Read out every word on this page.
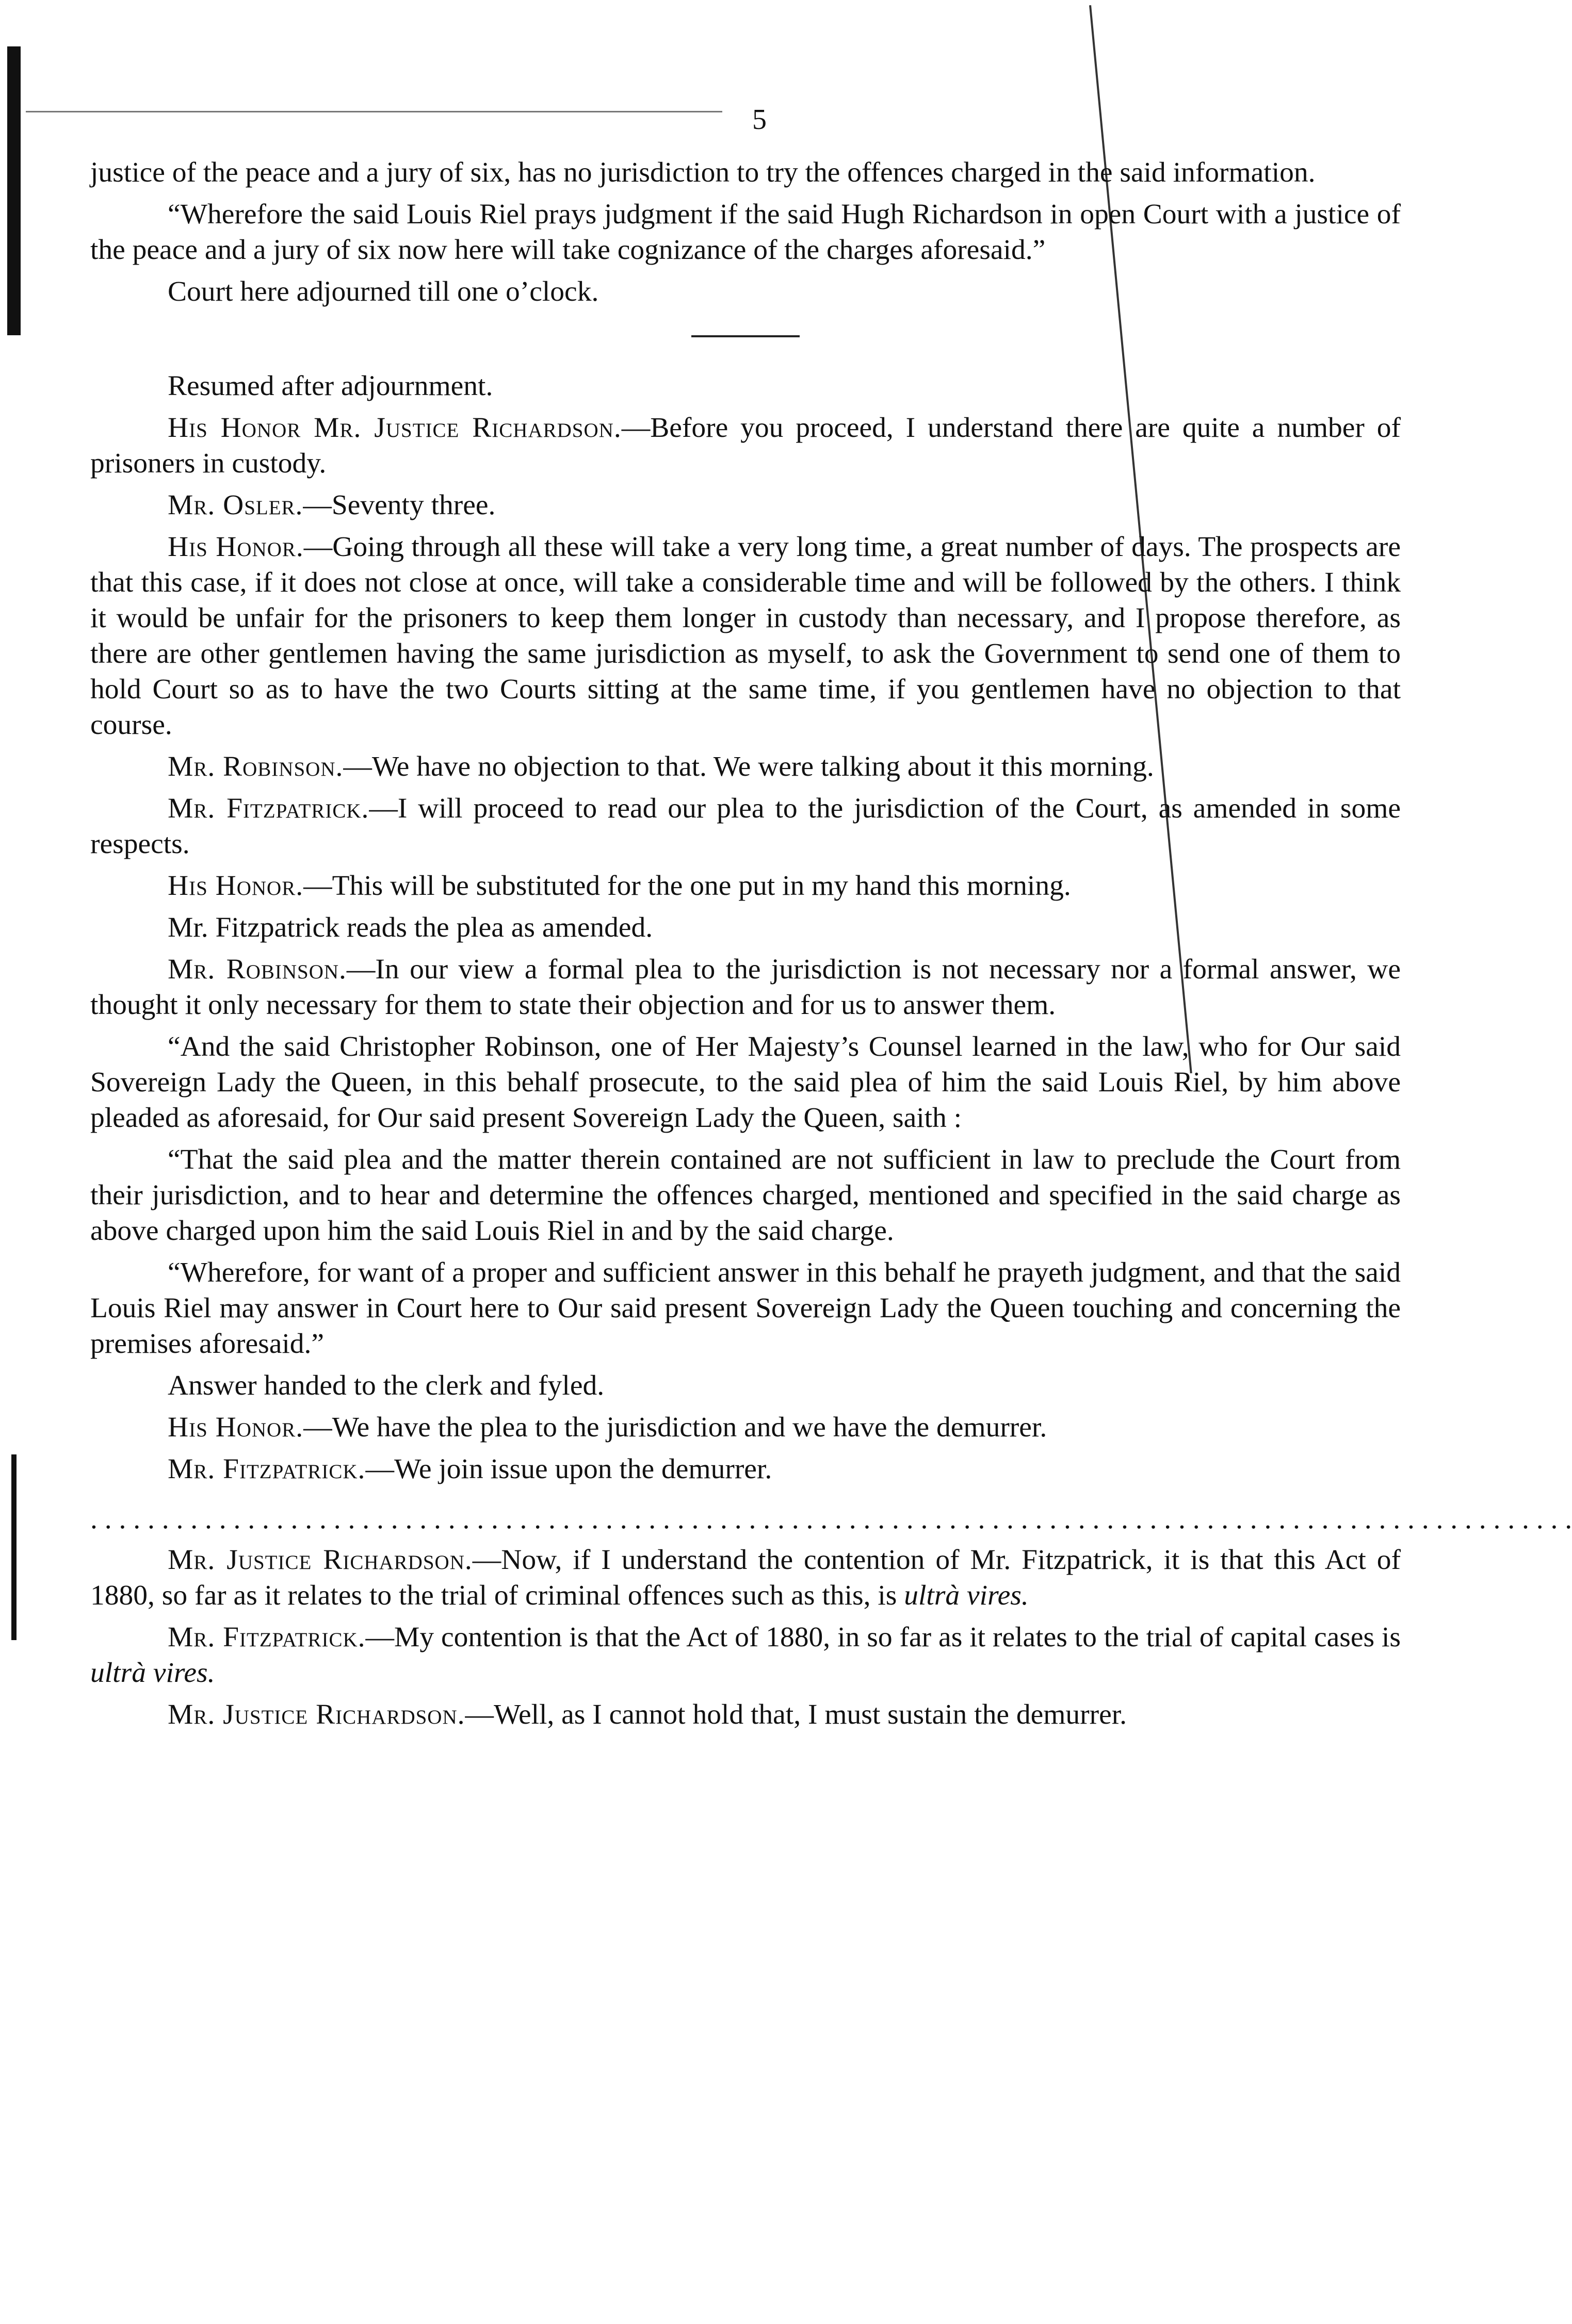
5

justice of the peace and a jury of six, has no jurisdiction to try the offences charged in the said information.

“Wherefore the said Louis Riel prays judgment if the said Hugh Richardson in open Court with a justice of the peace and a jury of six now here will take cognizance of the charges aforesaid.”

Court here adjourned till one o’clock.

Resumed after adjournment.

His Honor Mr. Justice Richardson.—Before you proceed, I understand there are quite a number of prisoners in custody.

Mr. Osler.—Seventy three.

His Honor.—Going through all these will take a very long time, a great number of days. The prospects are that this case, if it does not close at once, will take a considerable time and will be followed by the others. I think it would be unfair for the prisoners to keep them longer in custody than necessary, and I propose therefore, as there are other gentlemen having the same jurisdiction as myself, to ask the Government to send one of them to hold Court so as to have the two Courts sitting at the same time, if you gentlemen have no objection to that course.

Mr. Robinson.—We have no objection to that. We were talking about it this morning.

Mr. Fitzpatrick.—I will proceed to read our plea to the jurisdiction of the Court, as amended in some respects.

His Honor.—This will be substituted for the one put in my hand this morning.

Mr. Fitzpatrick reads the plea as amended.

Mr. Robinson.—In our view a formal plea to the jurisdiction is not necessary nor a formal answer, we thought it only necessary for them to state their objection and for us to answer them.

“And the said Christopher Robinson, one of Her Majesty’s Counsel learned in the law, who for Our said Sovereign Lady the Queen, in this behalf prosecute, to the said plea of him the said Louis Riel, by him above pleaded as aforesaid, for Our said present Sovereign Lady the Queen, saith :

“That the said plea and the matter therein contained are not sufficient in law to preclude the Court from their jurisdiction, and to hear and determine the offences charged, mentioned and specified in the said charge as above charged upon him the said Louis Riel in and by the said charge.

“Wherefore, for want of a proper and sufficient answer in this behalf he prayeth judgment, and that the said Louis Riel may answer in Court here to Our said present Sovereign Lady the Queen touching and concerning the premises aforesaid.”

Answer handed to the clerk and fyled.

His Honor.—We have the plea to the jurisdiction and we have the demurrer.

Mr. Fitzpatrick.—We join issue upon the demurrer.

. . . . . . . . . . . . . . . . . . . . . . . . . . . . . . . . . . . . . . . . . . . . . . . . . . . . . . . . . . . . . . . . . . . . . . . . . . . . . . . . . . . . . . . . . . . . . . . . . . . . . . . .

Mr. Justice Richardson.—Now, if I understand the contention of Mr. Fitzpatrick, it is that this Act of 1880, so far as it relates to the trial of criminal offences such as this, is ultrà vires.

Mr. Fitzpatrick.—My contention is that the Act of 1880, in so far as it relates to the trial of capital cases is ultrà vires.

Mr. Justice Richardson.—Well, as I cannot hold that, I must sustain the demurrer.
